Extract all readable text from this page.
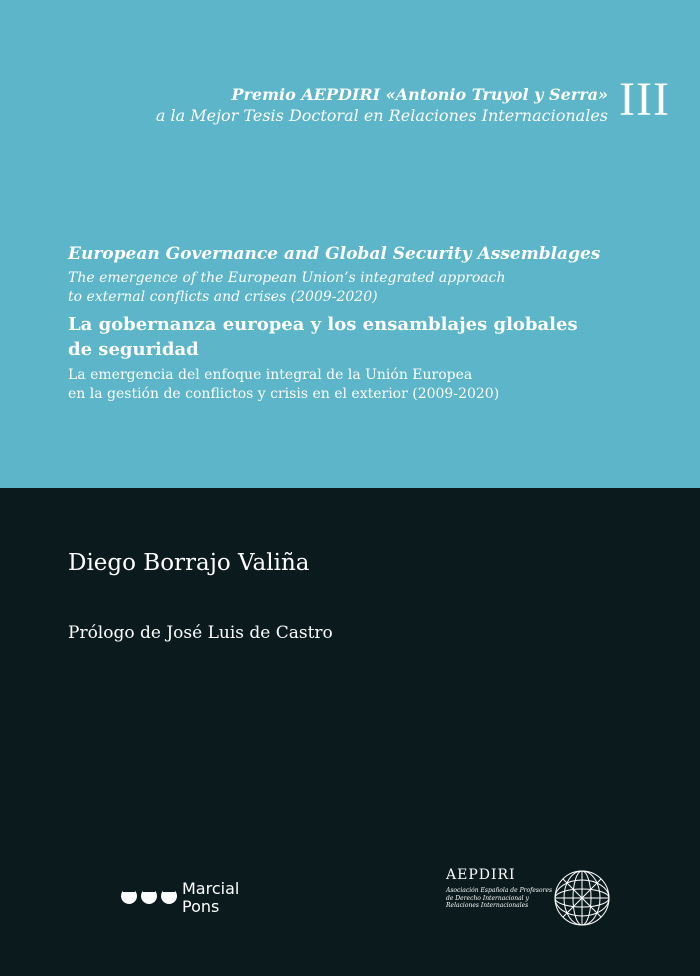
Premio AEPDIRI «Antonio Truyol y Serra»
a la Mejor Tesis Doctoral en Relaciones Internacionales III
European Governance and Global Security Assemblages
The emergence of the European Union’s integrated approach
to external conflicts and crises (2009-2020)
La gobernanza europea y los ensamblajes globales
de seguridad
La emergencia del enfoque integral de la Unión Europea
en la gestión de conflictos y crisis en el exterior (2009-2020)
Diego Borrajo Valiña
Prólogo de José Luis de Castro
Marcial
Pons
AEPDIRI
Asociación Española de Profesores
de Derecho Internacional y
Relaciones Internacionales
